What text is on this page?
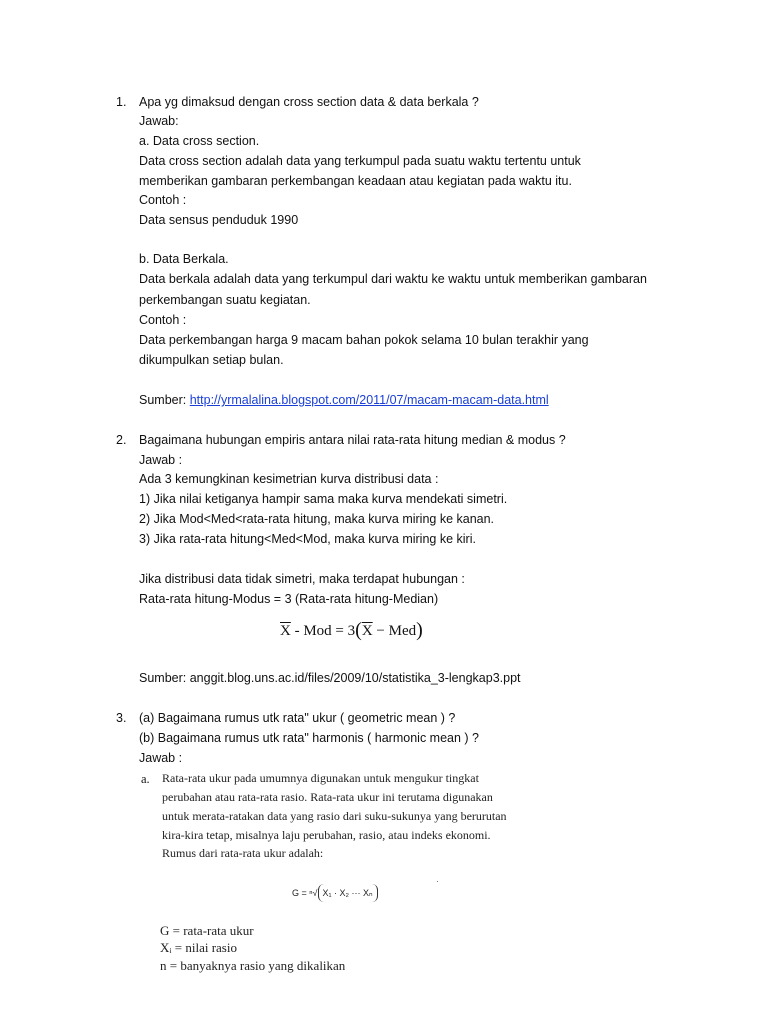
1. Apa yg dimaksud dengan cross section data & data berkala ?
Jawab:
a. Data cross section.
Data cross section adalah data yang terkumpul pada suatu waktu tertentu untuk
memberikan gambaran perkembangan keadaan atau kegiatan pada waktu itu.
Contoh :
Data sensus penduduk 1990
b. Data Berkala.
Data berkala adalah data yang terkumpul dari waktu ke waktu untuk memberikan gambaran
perkembangan suatu kegiatan.
Contoh :
Data perkembangan harga 9 macam bahan pokok selama 10 bulan terakhir yang
dikumpulkan setiap bulan.
Sumber: http://yrmalalina.blogspot.com/2011/07/macam-macam-data.html
2. Bagaimana hubungan empiris antara nilai rata-rata hitung median & modus ?
Jawab :
Ada 3 kemungkinan kesimetrian kurva distribusi data :
1) Jika nilai ketiganya hampir sama maka kurva mendekati simetri.
2) Jika Mod<Med<rata-rata hitung, maka kurva miring ke kanan.
3) Jika rata-rata hitung<Med<Mod, maka kurva miring ke kiri.
Jika distribusi data tidak simetri, maka terdapat hubungan :
Rata-rata hitung-Modus = 3 (Rata-rata hitung-Median)
$\overline{X}$ - Mod = $3(\overline{X} - Med)$
Sumber: anggit.blog.uns.ac.id/files/2009/10/statistika_3-lengkap3.ppt
3. (a) Bagaimana rumus utk rata" ukur ( geometric mean ) ?
(b) Bagaimana rumus utk rata" harmonis ( harmonic mean ) ?
Jawab :
a. Rata-rata ukur pada umumnya digunakan untuk mengukur tingkat
perubahan atau rata-rata rasio. Rata-rata ukur ini terutama digunakan
untuk merata-ratakan data yang rasio dari suku-sukunya yang berurutan
kira-kira tetap, misalnya laju perubahan, rasio, atau indeks ekonomi.
Rumus dari rata-rata ukur adalah:
G = ⁿ√ X₁ · X₂ ··· Xₙ
G = rata-rata ukur
Xᵢ = nilai rasio
n = banyaknya rasio yang dikalikan
